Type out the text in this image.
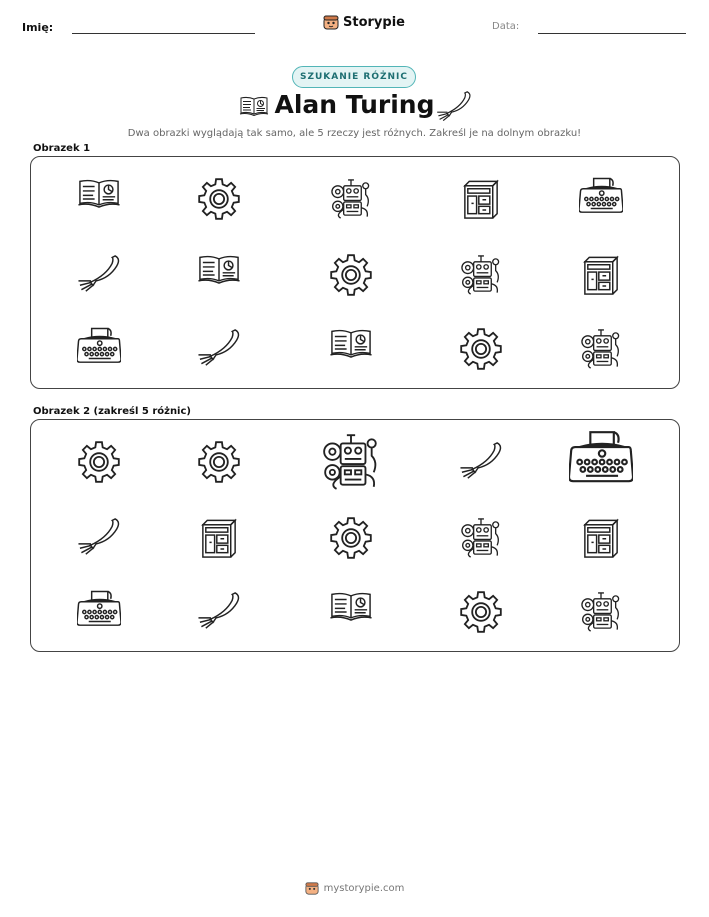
Imię:	Storypie	Data:
SZUKANIE RÓŻNIC
Alan Turing
Dwa obrazki wyglądają tak samo, ale 5 rzeczy jest różnych. Zakreśl je na dolnym obrazku!
Obrazek 1
Obrazek 2 (zakreśl 5 różnic)
mystorypie.com
